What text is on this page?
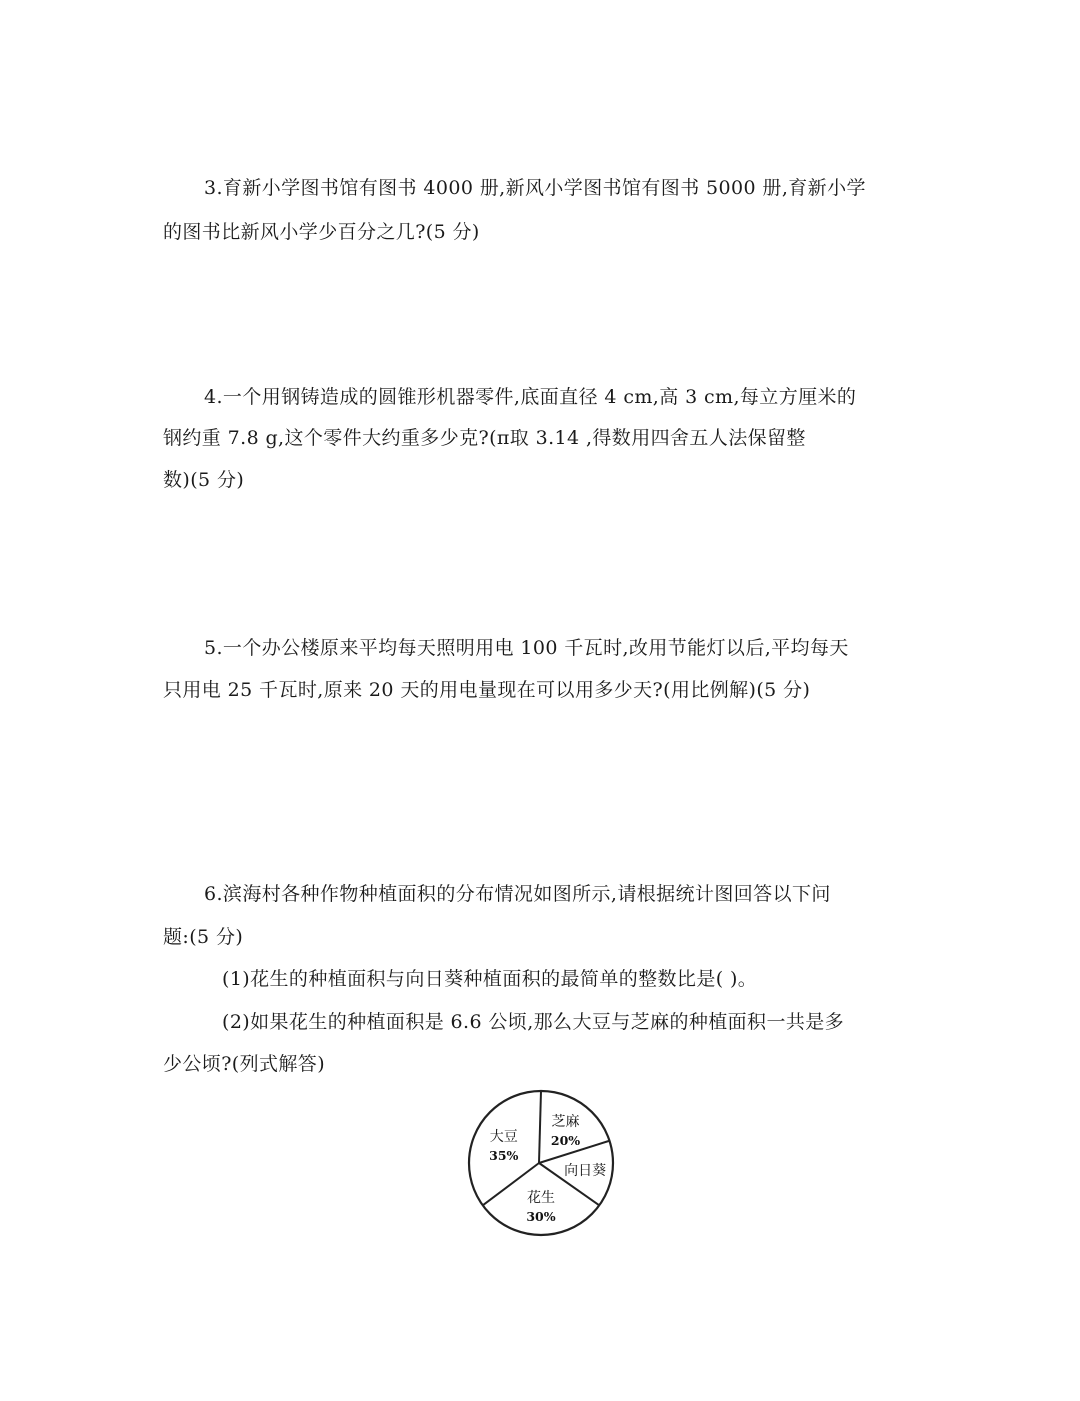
3.育新小学图书馆有图书 4000 册,新风小学图书馆有图书 5000 册,育新小学
的图书比新风小学少百分之几?(5 分)
4.一个用钢铸造成的圆锥形机器零件,底面直径 4 cm,高 3 cm,每立方厘米的
钢约重 7.8 g,这个零件大约重多少克?(π取 3.14 ,得数用四舍五人法保留整
数)(5 分)
5.一个办公楼原来平均每天照明用电 100 千瓦时,改用节能灯以后,平均每天
只用电 25 千瓦时,原来 20 天的用电量现在可以用多少天?(用比例解)(5 分)
6.滨海村各种作物种植面积的分布情况如图所示,请根据统计图回答以下问
题:(5 分)
(1)花生的种植面积与向日葵种植面积的最简单的整数比是( )。
(2)如果花生的种植面积是 6.6 公顷,那么大豆与芝麻的种植面积一共是多
少公顷?(列式解答)
芝麻
20%
向日葵
花生
30%
大豆
35%
